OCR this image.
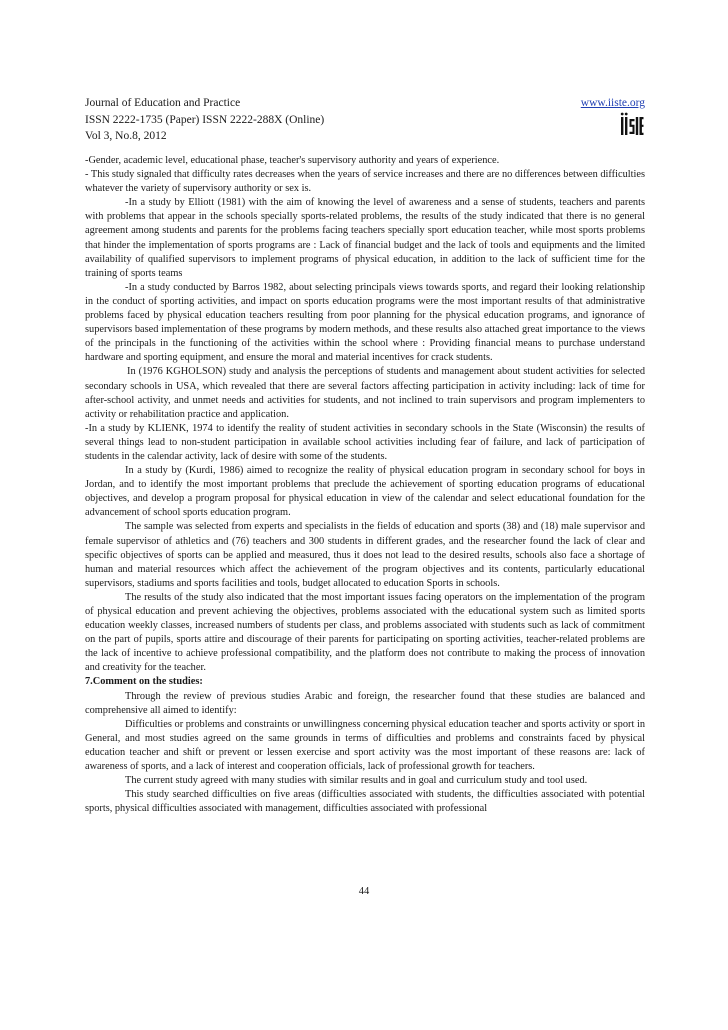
Journal of Education and Practice
ISSN 2222-1735 (Paper) ISSN 2222-288X (Online)
Vol 3, No.8, 2012
www.iiste.org

-Gender, academic level, educational phase, teacher's supervisory authority and years of experience.

- This study signaled that difficulty rates decreases when the years of service increases and there are no differences between difficulties whatever the variety of supervisory authority or sex is.

-In a study by Elliott (1981) with the aim of knowing the level of awareness and a sense of students, teachers and parents with problems that appear in the schools specially sports-related problems, the results of the study indicated that there is no general agreement among students and parents for the problems facing teachers specially sport education teacher, while most sports problems that hinder the implementation of sports programs are : Lack of financial budget and the lack of tools and equipments and the limited availability of qualified supervisors to implement programs of physical education, in addition to the lack of sufficient time for the training of sports teams

-In a study conducted by Barros 1982, about selecting principals views towards sports, and regard their looking relationship in the conduct of sporting activities, and impact on sports education programs were the most important results of that administrative problems faced by physical education teachers resulting from poor planning for the physical education programs, and ignorance of supervisors based implementation of these programs by modern methods, and these results also attached great importance to the views of the principals in the functioning of the activities within the school where : Providing financial means to purchase understand hardware and sporting equipment, and ensure the moral and material incentives for crack students.

In (1976 KGHOLSON) study and analysis the perceptions of students and management about student activities for selected secondary schools in USA, which revealed that there are several factors affecting participation in activity including: lack of time for after-school activity, and unmet needs and activities for students, and not inclined to train supervisors and program implementers to activity or rehabilitation practice and application.

-In a study by KLIENK, 1974 to identify the reality of student activities in secondary schools in the State (Wisconsin) the results of several things lead to non-student participation in available school activities including fear of failure, and lack of participation of students in the calendar activity, lack of desire with some of the students.

In a study by (Kurdi, 1986) aimed to recognize the reality of physical education program in secondary school for boys in Jordan, and to identify the most important problems that preclude the achievement of sporting education programs of educational objectives, and develop a program proposal for physical education in view of the calendar and select educational foundation for the advancement of school sports education program.

The sample was selected from experts and specialists in the fields of education and sports (38) and (18) male supervisor and female supervisor of athletics and (76) teachers and 300 students in different grades, and the researcher found the lack of clear and specific objectives of sports can be applied and measured, thus it does not lead to the desired results, schools also face a shortage of human and material resources which affect the achievement of the program objectives and its contents, particularly educational supervisors, stadiums and sports facilities and tools, budget allocated to education Sports in schools.

The results of the study also indicated that the most important issues facing operators on the implementation of the program of physical education and prevent achieving the objectives, problems associated with the educational system such as limited sports education weekly classes, increased numbers of students per class, and problems associated with students such as lack of commitment on the part of pupils, sports attire and discourage of their parents for participating on sporting activities, teacher-related problems are the lack of incentive to achieve professional compatibility, and the platform does not contribute to making the process of innovation and creativity for the teacher.

7.Comment on the studies:

Through the review of previous studies Arabic and foreign, the researcher found that these studies are balanced and comprehensive all aimed to identify:

Difficulties or problems and constraints or unwillingness concerning physical education teacher and sports activity or sport in General, and most studies agreed on the same grounds in terms of difficulties and problems and constraints faced by physical education teacher and shift or prevent or lessen exercise and sport activity was the most important of these reasons are: lack of awareness of sports, and a lack of interest and cooperation officials, lack of professional growth for teachers.

The current study agreed with many studies with similar results and in goal and curriculum study and tool used.

This study searched difficulties on five areas (difficulties associated with students, the difficulties associated with potential sports, physical difficulties associated with management, difficulties associated with professional

44
